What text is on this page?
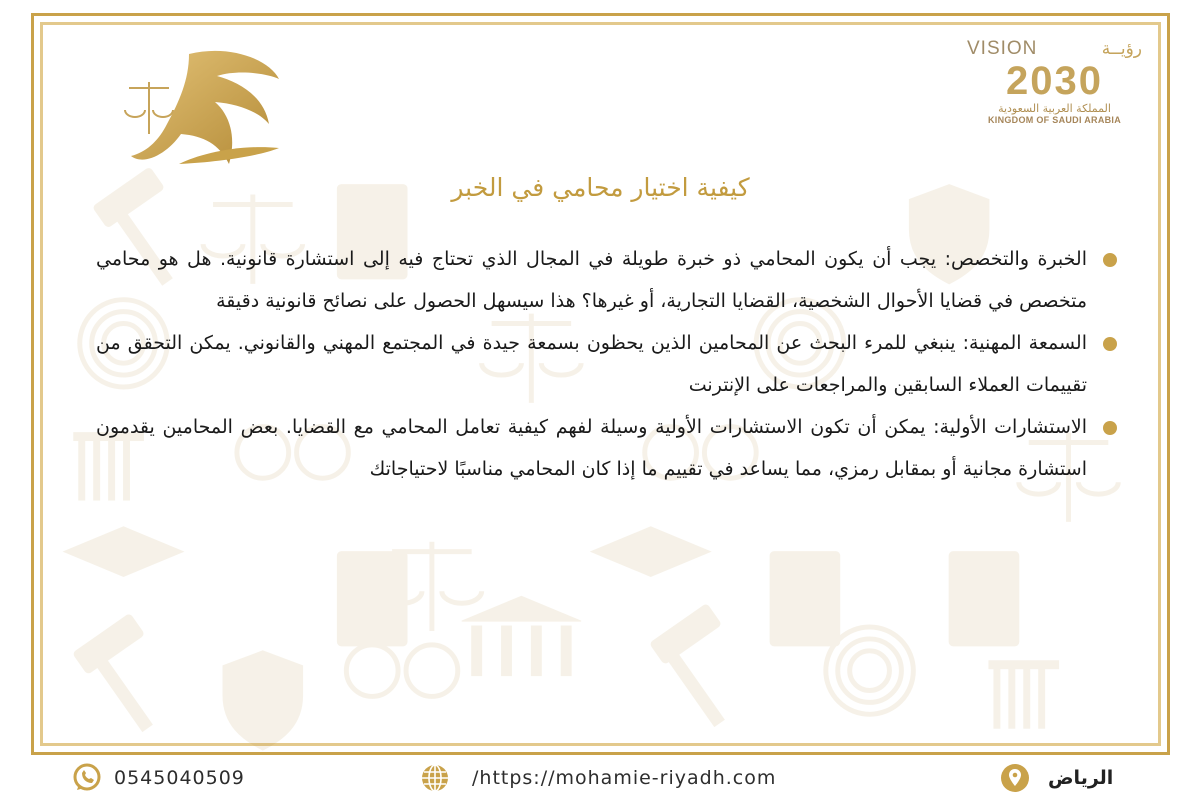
VISION	رؤيــة
2030
المملكة العربية السعودية
KINGDOM OF SAUDI ARABIA
كيفية اختيار محامي في الخبر
الخبرة والتخصص: يجب أن يكون المحامي ذو خبرة طويلة في المجال الذي تحتاج فيه إلى استشارة قانونية. هل هو محامي متخصص في قضايا الأحوال الشخصية، القضايا التجارية، أو غيرها؟ هذا سيسهل الحصول على نصائح قانونية دقيقة
السمعة المهنية: ينبغي للمرء البحث عن المحامين الذين يحظون بسمعة جيدة في المجتمع المهني والقانوني. يمكن التحقق من تقييمات العملاء السابقين والمراجعات على الإنترنت
الاستشارات الأولية: يمكن أن تكون الاستشارات الأولية وسيلة لفهم كيفية تعامل المحامي مع القضايا. بعض المحامين يقدمون استشارة مجانية أو بمقابل رمزي، مما يساعد في تقييم ما إذا كان المحامي مناسبًا لاحتياجاتك
0545040509	/https://mohamie-riyadh.com	الرياض
